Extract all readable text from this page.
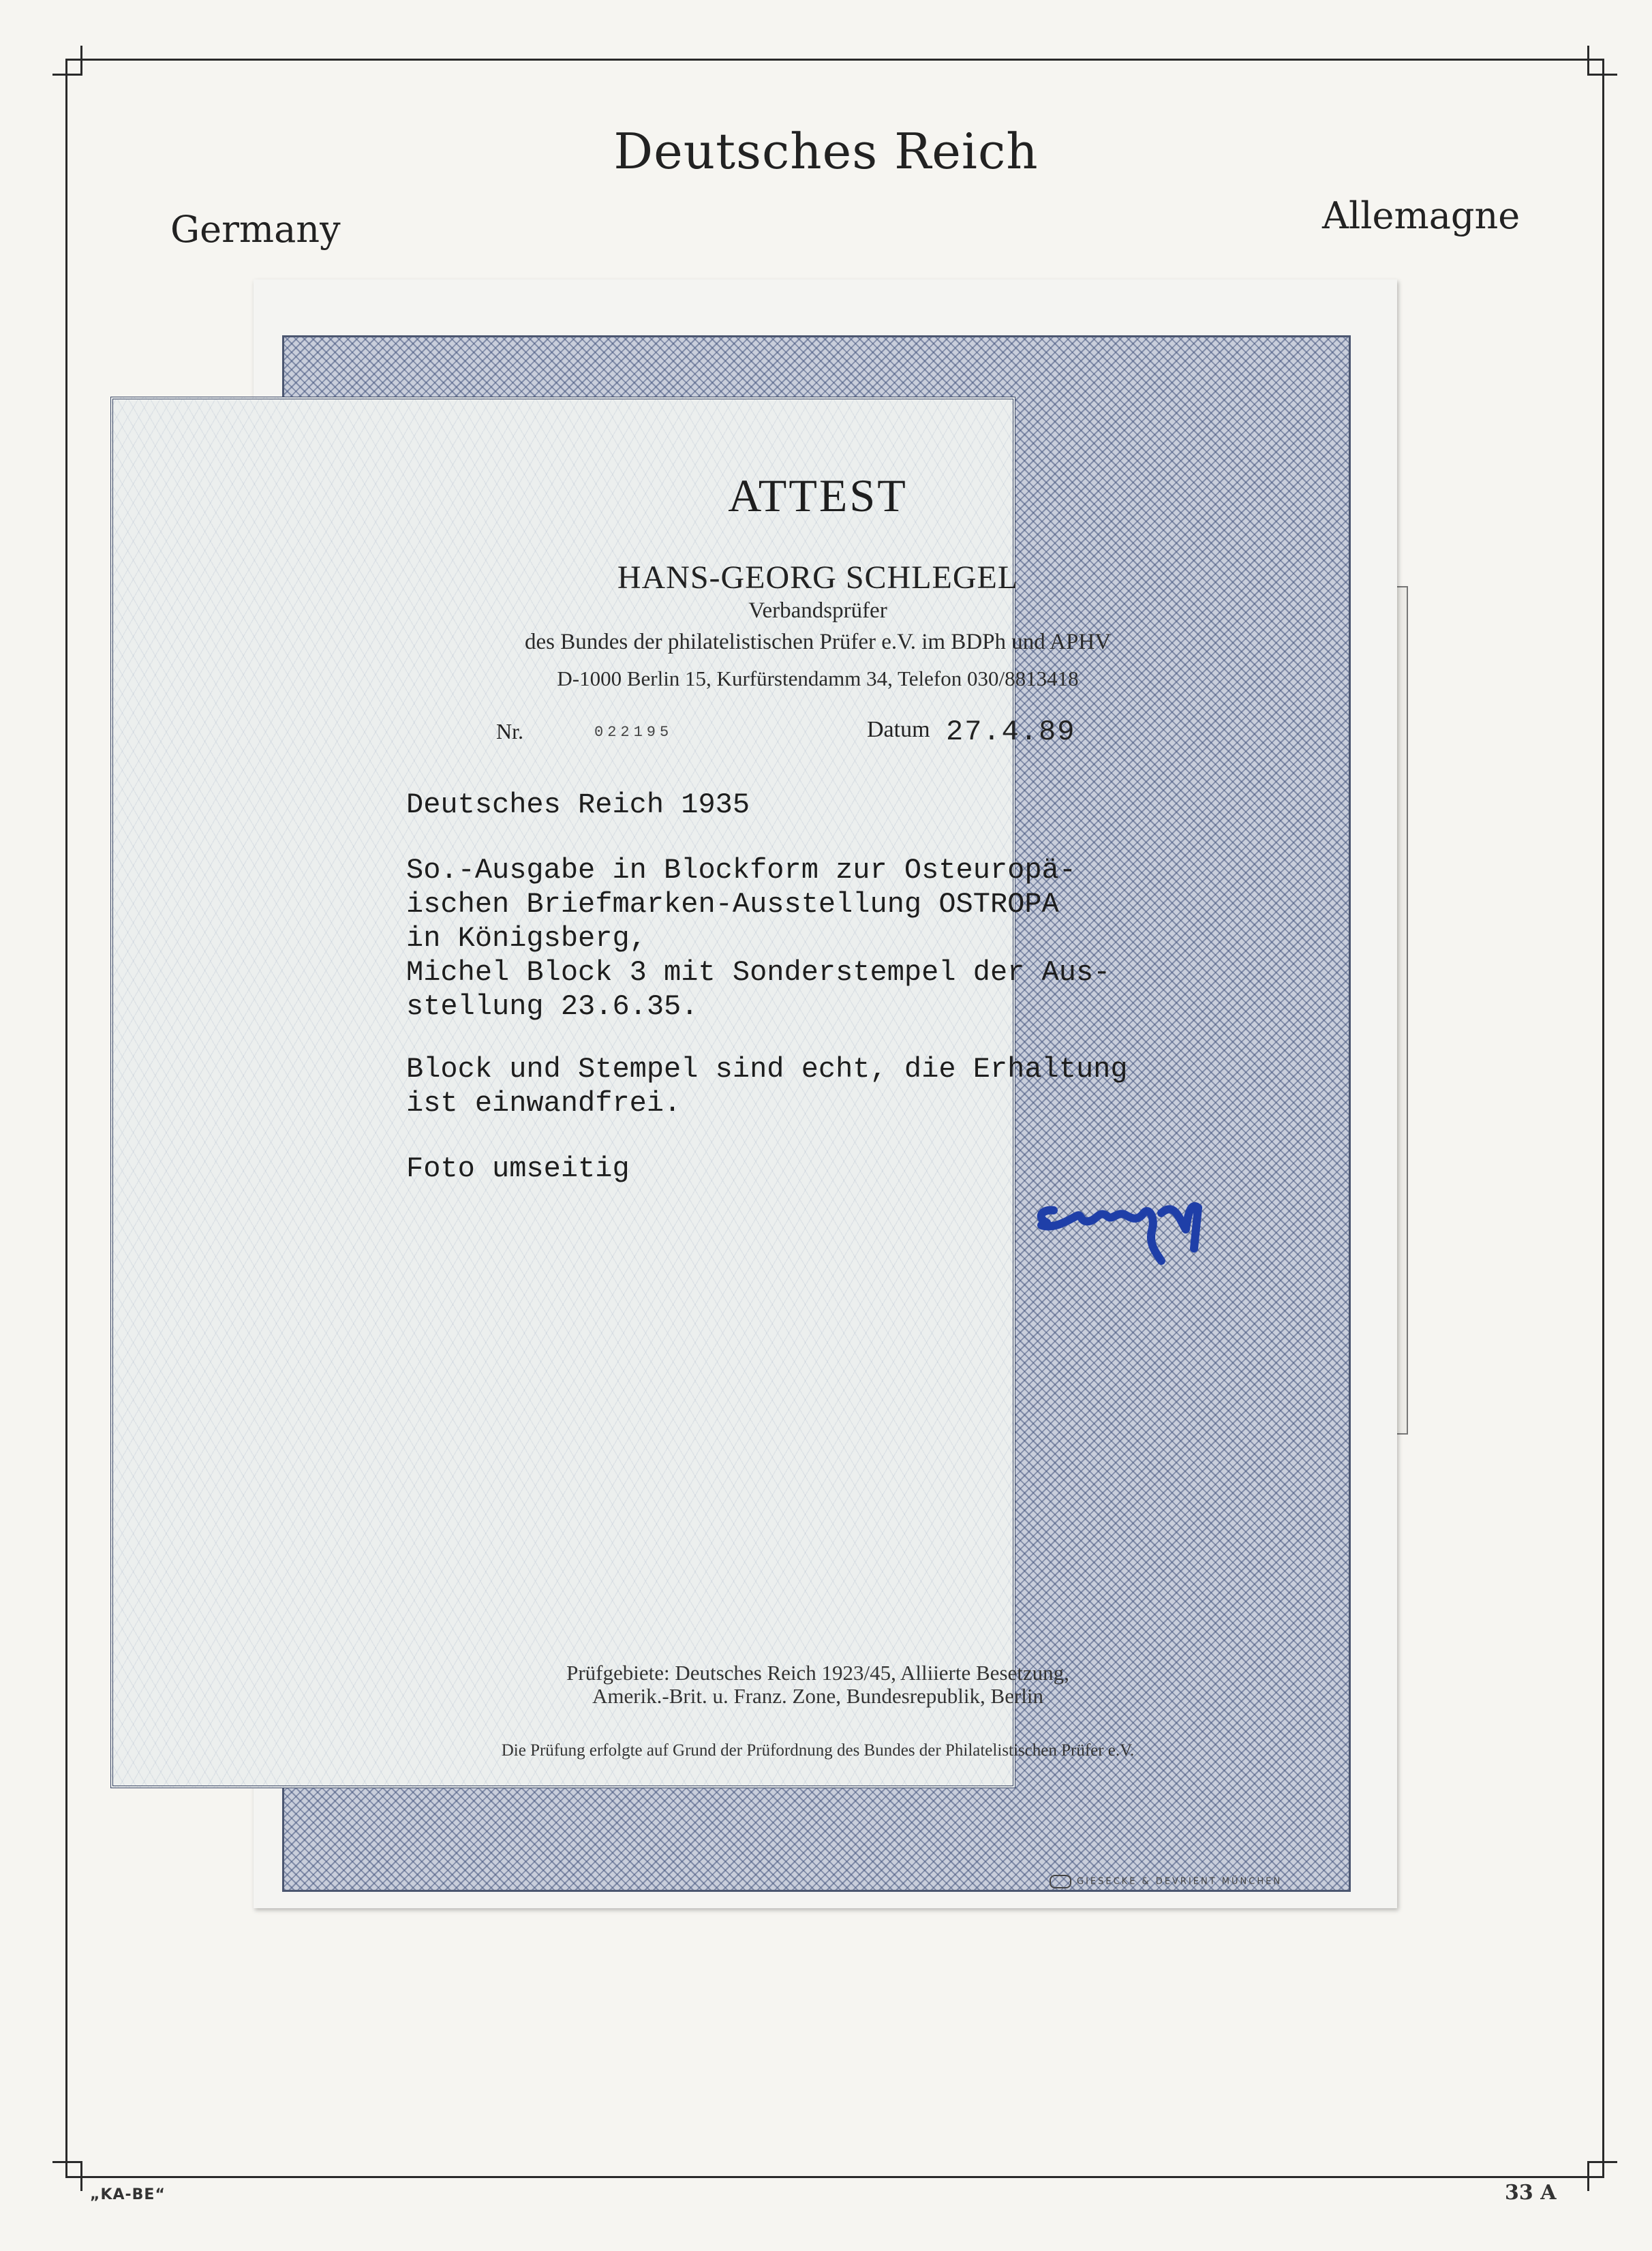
Deutsches Reich
Germany	Allemagne
ATTEST
HANS-GEORG SCHLEGEL
Verbandsprüfer
des Bundes der philatelistischen Prüfer e.V. im BDPh und APHV
D-1000 Berlin 15, Kurfürstendamm 34, Telefon 030/8813418
Nr.	022195	Datum 27.4.89
Deutsches Reich 1935
So.-Ausgabe in Blockform zur Osteuropä-
ischen Briefmarken-Ausstellung OSTROPA
in Königsberg,
Michel Block 3 mit Sonderstempel der Aus-
stellung 23.6.35.
Block und Stempel sind echt, die Erhaltung
ist einwandfrei.
Foto umseitig
Prüfgebiete: Deutsches Reich 1923/45, Alliierte Besetzung,
Amerik.-Brit. u. Franz. Zone, Bundesrepublik, Berlin
Die Prüfung erfolgte auf Grund der Prüfordnung des Bundes der Philatelistischen Prüfer e.V.
GIESECKE & DEVRIENT MÜNCHEN
„KA-BE“	33 A
